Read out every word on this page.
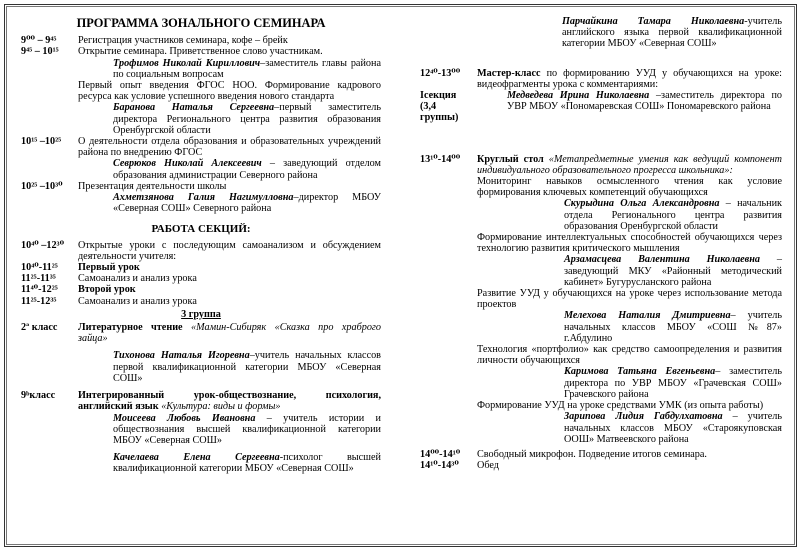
ПРОГРАММА ЗОНАЛЬНОГО СЕМИНАРА
9⁰⁰ – 9⁴⁵	Регистрация участников семинара, кофе – брейк
9⁴⁵ – 10¹⁵	Открытие семинара. Приветственное слово участникам.
Трофимов Николай Кириллович–заместитель главы района по социальным вопросам
Первый опыт введения ФГОС НОО. Формирование кадрового ресурса как условие успешного введения нового стандарта
Баранова Наталья Сергеевна–первый заместитель директора Регионального центра развития образования Оренбургской области
10¹⁵ –10²⁵	О деятельности отдела образования и образовательных учреждений района по внедрению ФГОС
Севрюков Николай Алексеевич – заведующий отделом образования администрации Северного района
10²⁵ –10³⁰	Презентация деятельности школы
Ахметзянова Галия Нагимулловна–директор МБОУ «Северная СОШ» Северного района
РАБОТА СЕКЦИЙ:
10⁴⁰ –12³⁰	Открытые уроки с последующим самоанализом и обсуждением деятельности учителя:
10⁴⁰-11²⁵	Первый урок
11²⁵-11³⁵	Самоанализ и анализ урока
11⁴⁰-12²⁵	Второй урок
11²⁵-12³⁵	Самоанализ и анализ урока
3 группа
2ª класс	Литературное чтение «Мамин-Сибиряк «Сказка про храброго зайца»
Тихонова Наталья Игоревна–учитель начальных классов первой квалификационной категории МБОУ «Северная СОШ»
9ᵇкласс	Интегрированный урок-обществознание, психология, английский язык «Культура: виды и формы»
Моисеева Любовь Ивановна – учитель истории и обществознания высшей квалификационной категории МБОУ «Северная СОШ»
Качелаева Елена Сергеевна-психолог высшей квалификационной категории МБОУ «Северная СОШ»
Парчайкина Тамара Николаевна-учитель английского языка первой квалификационной категории МБОУ «Северная СОШ»
12⁴⁰-13⁰⁰	Мастер-класс по формированию УУД у обучающихся на уроке: видеофрагменты урока с комментариями:
Iсекция
(3,4
группы)
Медведева Ирина Николаевна –заместитель директора по УВР МБОУ «Пономаревская СОШ» Пономаревского района
13¹⁰-14⁰⁰	Круглый стол «Метапредметные умения как ведущий компонент индивидуального образовательного прогресса школьника»:
Мониторинг навыков осмысленного чтения как условие формирования ключевых компетенций обучающихся
Скурыдина Ольга Александровна – начальник отдела Регионального центра развития образования Оренбургской области
Формирование интеллектуальных способностей обучающихся через технологию развития критического мышления
Арзамасцева Валентина Николаевна – заведующий МКУ «Районный методический кабинет» Бугурусланского района
Развитие УУД у обучающихся на уроке через использование метода проектов
Мелехова Наталия Дмитриевна– учитель начальных классов МБОУ «СОШ №87» г.Абдулино
Технология «портфолио» как средство самоопределения и развития личности обучающихся
Каримова Татьяна Евгеньевна– заместитель директора по УВР МБОУ «Грачевская СОШ» Грачевского района
Формирование УУД на уроке средствами УМК (из опыта работы)
Зарипова Лидия Габдулхатовна – учитель начальных классов МБОУ «Староякуповская ООШ» Матвеевского района
14⁰⁰-14¹⁰	Свободный микрофон. Подведение итогов семинара.
14¹⁰-14³⁰	Обед
